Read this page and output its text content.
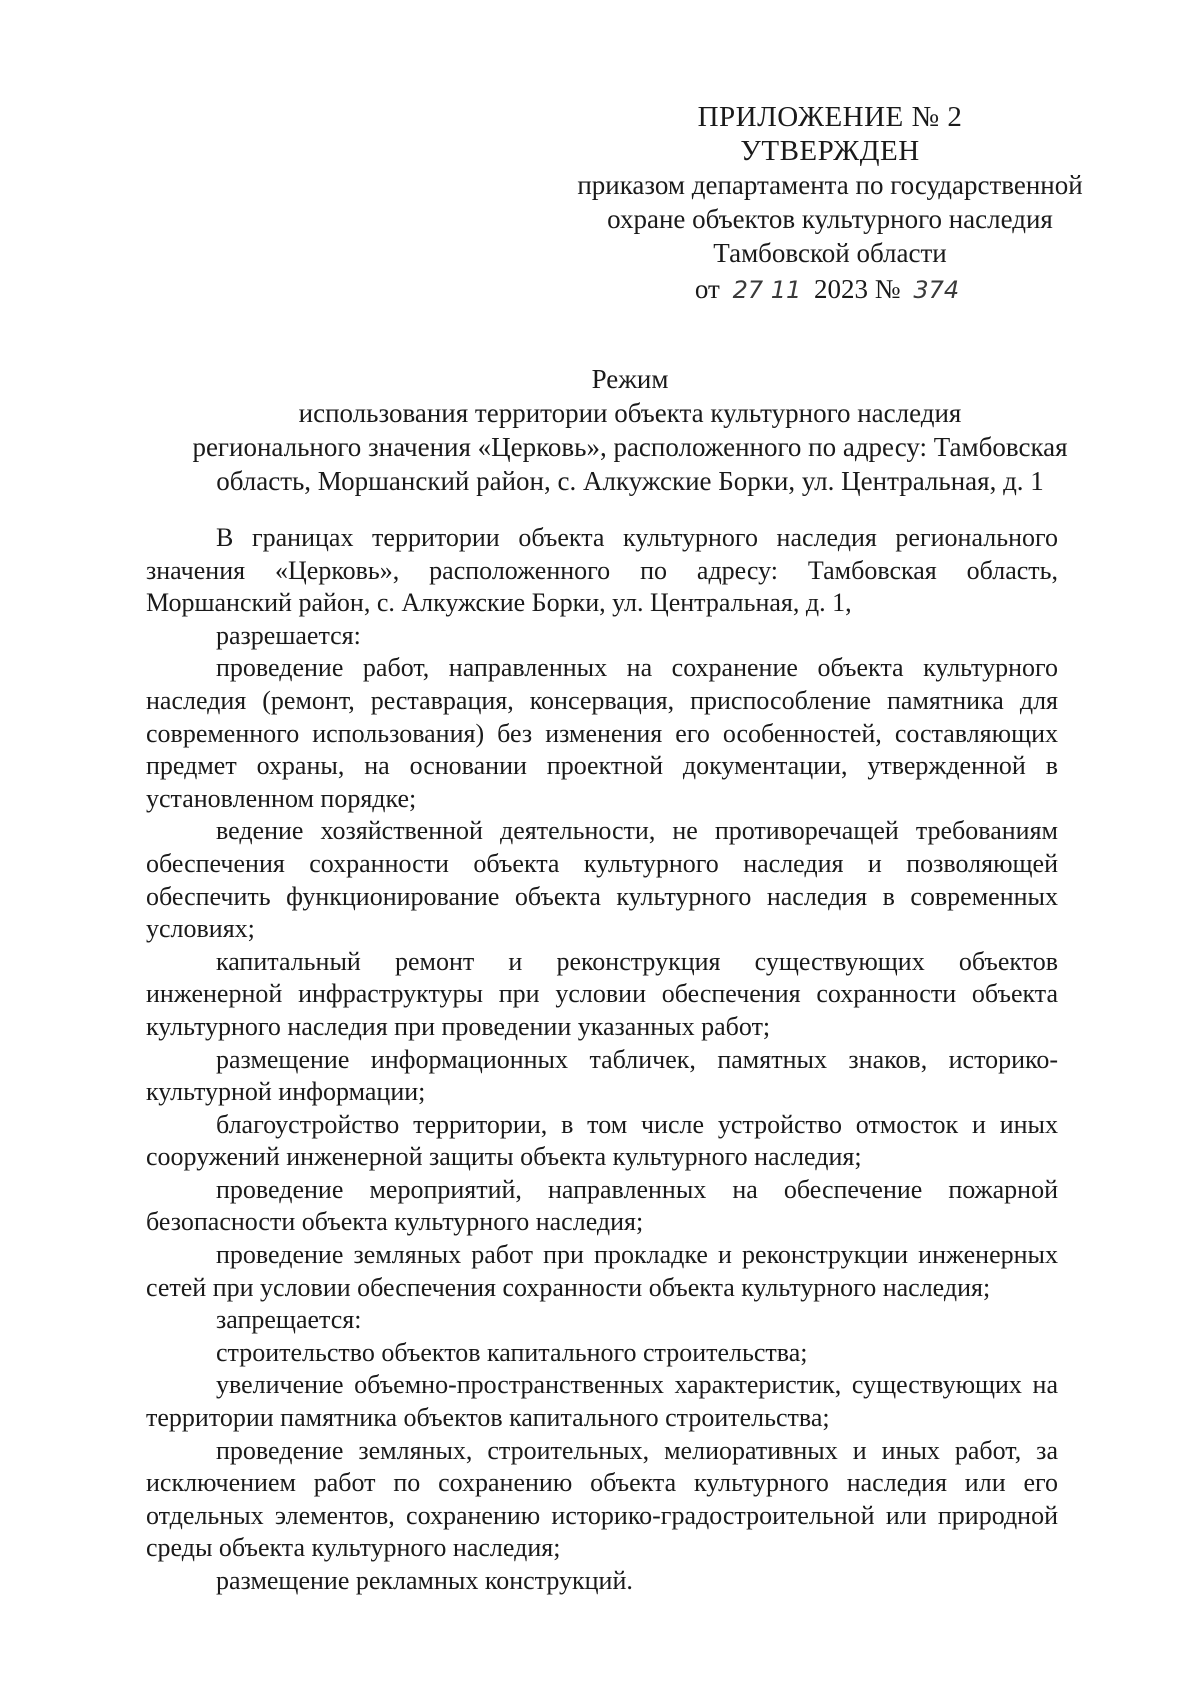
ПРИЛОЖЕНИЕ № 2
УТВЕРЖДЕН
приказом департамента по государственной
охране объектов культурного наследия
Тамбовской области
от 27 11 2023 № 374
Режим
использования территории объекта культурного наследия
регионального значения «Церковь», расположенного по адресу: Тамбовская
область, Моршанский район, с. Алкужские Борки, ул. Центральная, д. 1

В границах территории объекта культурного наследия регионального значения «Церковь», расположенного по адресу: Тамбовская область, Моршанский район, с. Алкужские Борки, ул. Центральная, д. 1,

разрешается:

проведение работ, направленных на сохранение объекта культурного наследия (ремонт, реставрация, консервация, приспособление памятника для современного использования) без изменения его особенностей, составляющих предмет охраны, на основании проектной документации, утвержденной в установленном порядке;

ведение хозяйственной деятельности, не противоречащей требованиям обеспечения сохранности объекта культурного наследия и позволяющей обеспечить функционирование объекта культурного наследия в современных условиях;

капитальный ремонт и реконструкция существующих объектов инженерной инфраструктуры при условии обеспечения сохранности объекта культурного наследия при проведении указанных работ;

размещение информационных табличек, памятных знаков, историко-культурной информации;

благоустройство территории, в том числе устройство отмосток и иных сооружений инженерной защиты объекта культурного наследия;

проведение мероприятий, направленных на обеспечение пожарной безопасности объекта культурного наследия;

проведение земляных работ при прокладке и реконструкции инженерных сетей при условии обеспечения сохранности объекта культурного наследия;

запрещается:

строительство объектов капитального строительства;

увеличение объемно-пространственных характеристик, существующих на территории памятника объектов капитального строительства;

проведение земляных, строительных, мелиоративных и иных работ, за исключением работ по сохранению объекта культурного наследия или его отдельных элементов, сохранению историко-градостроительной или природной среды объекта культурного наследия;

размещение рекламных конструкций.
